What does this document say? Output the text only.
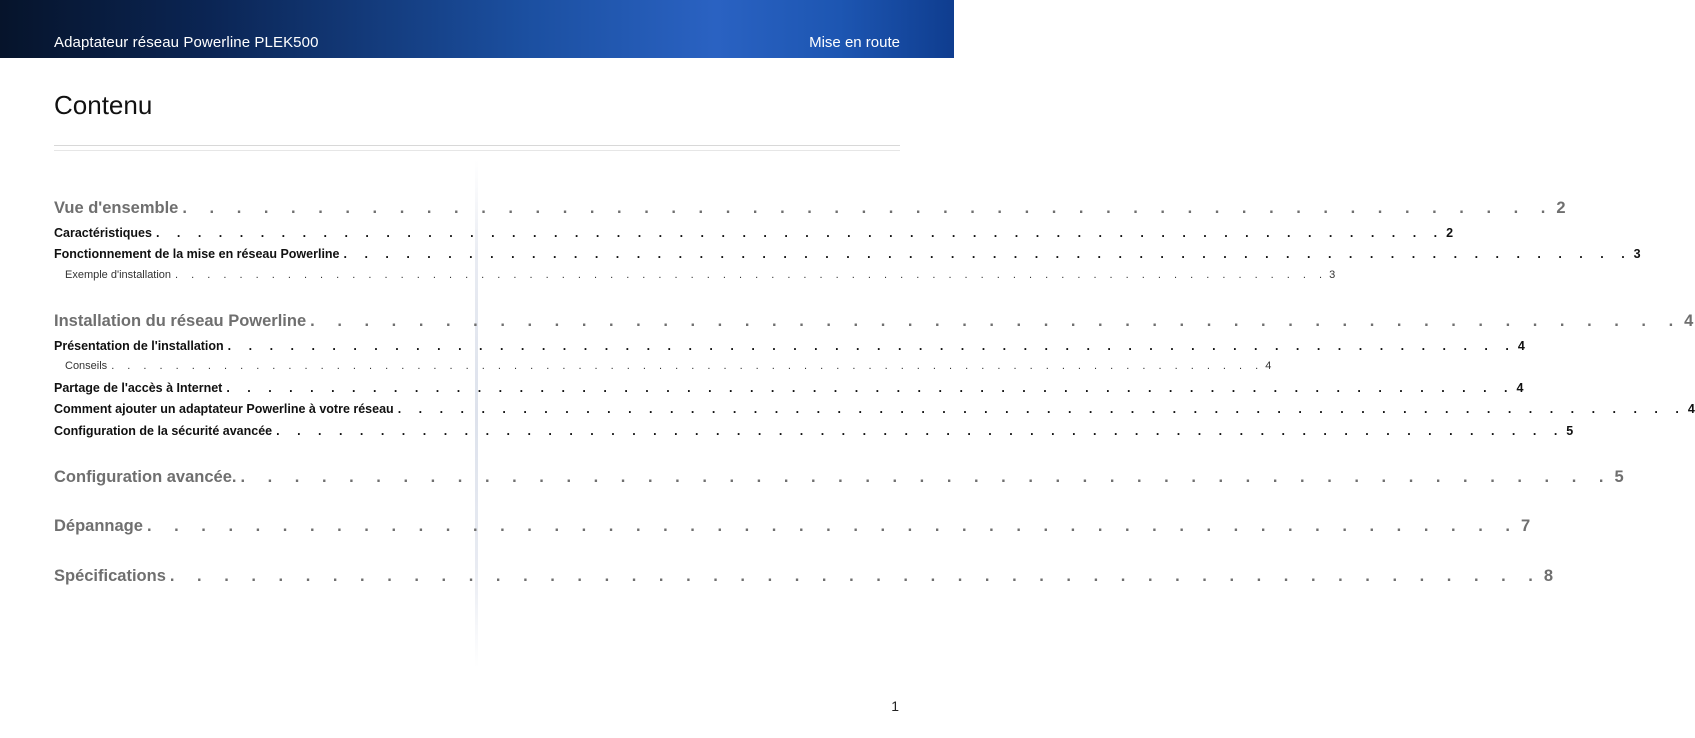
Adaptateur réseau Powerline PLEK500	Mise en route
Contenu
Vue d'ensemble . . . . . . . . . . . . . . . . . . . . . . . . . . . . . . . . . . . . . . . . . . . . . . . . . . . 2
Caractéristiques . . . . . . . . . . . . . . . . . . . . . . . . . . . . . . . . . . . . . . . . . . . . . . . . . . . . . . . . . . . . . . 2
Fonctionnement de la mise en réseau Powerline . . . . . . . . . . . . . . . . . . . . . . . . . . . . . . . . . . . . . . . . . . . . . . . . . . . . . . . . . . . . . . 3
Exemple d'installation . . . . . . . . . . . . . . . . . . . . . . . . . . . . . . . . . . . . . . . . . . . . . . . . . . . . . . . . . . . . . . . . . . . . . . . . 3
Installation du réseau Powerline . . . . . . . . . . . . . . . . . . . . . . . . . . . . . . . . . . . . . . . . . . . . . . . . . . . 4
Présentation de l'installation . . . . . . . . . . . . . . . . . . . . . . . . . . . . . . . . . . . . . . . . . . . . . . . . . . . . . . . . . . . . . . 4
Conseils . . . . . . . . . . . . . . . . . . . . . . . . . . . . . . . . . . . . . . . . . . . . . . . . . . . . . . . . . . . . . . . . . . . . . . . . 4
Partage de l'accès à Internet . . . . . . . . . . . . . . . . . . . . . . . . . . . . . . . . . . . . . . . . . . . . . . . . . . . . . . . . . . . . . . 4
Comment ajouter un adaptateur Powerline à votre réseau . . . . . . . . . . . . . . . . . . . . . . . . . . . . . . . . . . . . . . . . . . . . . . . . . . . . . . . . . . . . . . 4
Configuration de la sécurité avancée . . . . . . . . . . . . . . . . . . . . . . . . . . . . . . . . . . . . . . . . . . . . . . . . . . . . . . . . . . . . . . 5
Configuration avancée. . . . . . . . . . . . . . . . . . . . . . . . . . . . . . . . . . . . . . . . . . . . . . . . . . . . 5
Dépannage . . . . . . . . . . . . . . . . . . . . . . . . . . . . . . . . . . . . . . . . . . . . . . . . . . . 7
Spécifications . . . . . . . . . . . . . . . . . . . . . . . . . . . . . . . . . . . . . . . . . . . . . . . . . . . 8
1
